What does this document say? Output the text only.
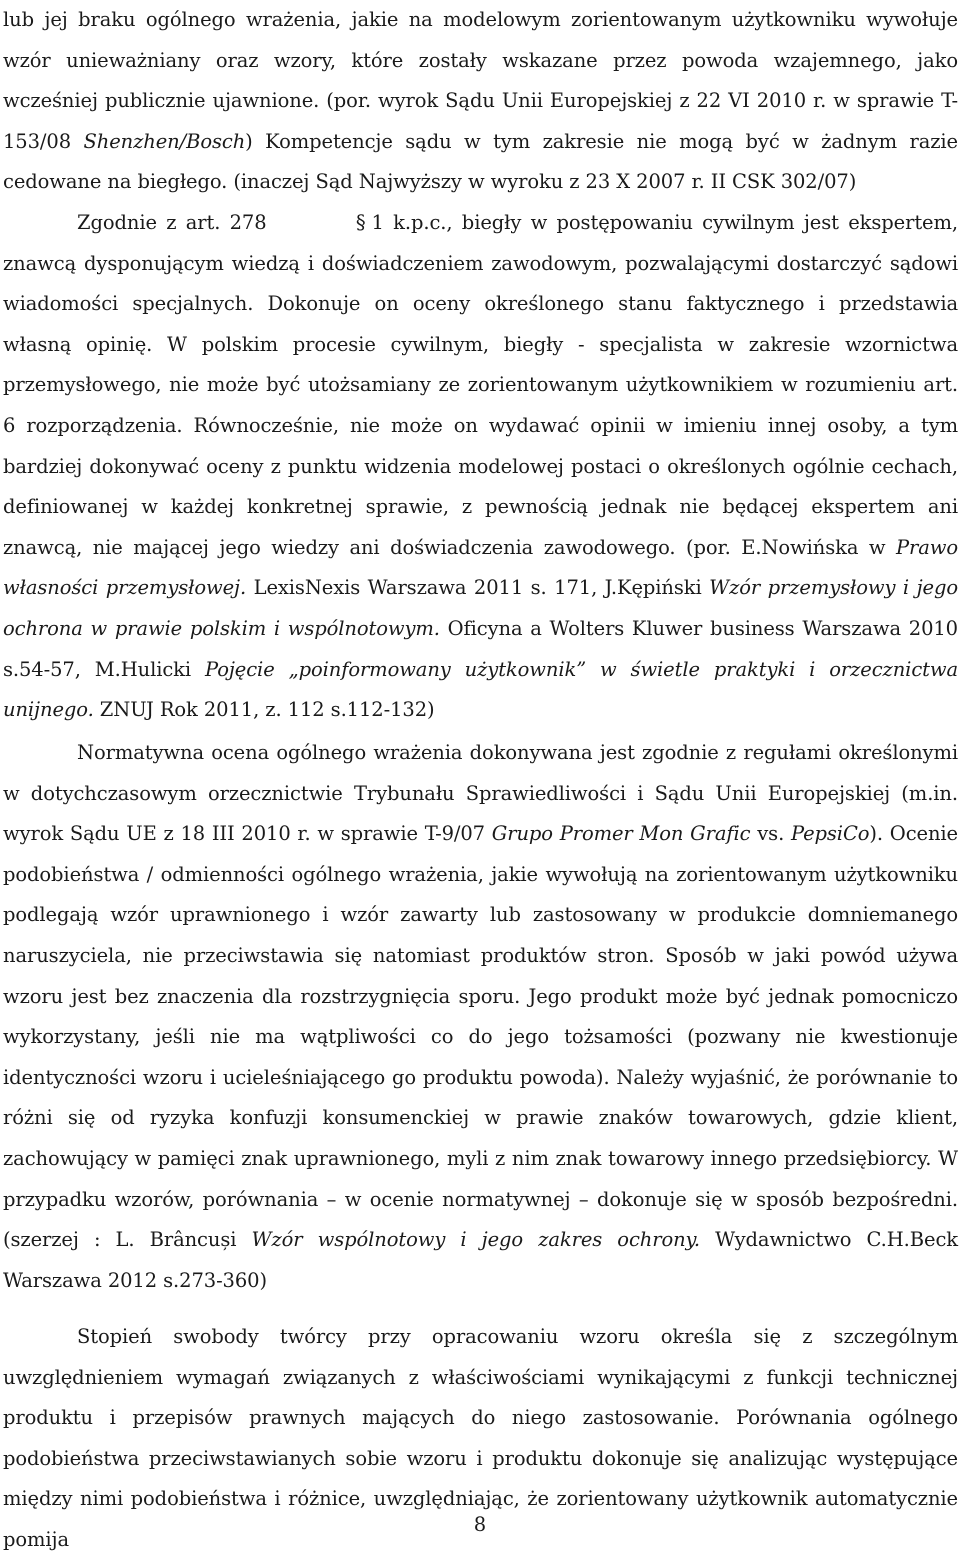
lub jej braku ogólnego wrażenia, jakie na modelowym zorientowanym użytkowniku wywołuje wzór unieważniany oraz wzory, które zostały wskazane przez powoda wzajemnego, jako wcześniej publicznie ujawnione. (por. wyrok Sądu Unii Europejskiej z 22 VI 2010 r. w sprawie T-153/08 Shenzhen/Bosch) Kompetencje sądu w tym zakresie nie mogą być w żadnym razie cedowane na biegłego. (inaczej Sąd Najwyższy w wyroku z 23 X 2007 r. II CSK 302/07)

Zgodnie z art. 278	§ 1 k.p.c., biegły w postępowaniu cywilnym jest ekspertem, znawcą dysponującym wiedzą i doświadczeniem zawodowym, pozwalającymi dostarczyć sądowi wiadomości specjalnych. Dokonuje on oceny określonego stanu faktycznego i przedstawia własną opinię. W polskim procesie cywilnym, biegły - specjalista w zakresie wzornictwa przemysłowego, nie może być utożsamiany ze zorientowanym użytkownikiem w rozumieniu art. 6 rozporządzenia. Równocześnie, nie może on wydawać opinii w imieniu innej osoby, a tym bardziej dokonywać oceny z punktu widzenia modelowej postaci o określonych ogólnie cechach, definiowanej w każdej konkretnej sprawie, z pewnością jednak nie będącej ekspertem ani znawcą, nie mającej jego wiedzy ani doświadczenia zawodowego. (por. E.Nowińska w Prawo własności przemysłowej. LexisNexis Warszawa 2011 s. 171, J.Kępiński Wzór przemysłowy i jego ochrona w prawie polskim i wspólnotowym. Oficyna a Wolters Kluwer business Warszawa 2010 s.54-57, M.Hulicki Pojęcie „poinformowany użytkownik” w świetle praktyki i orzecznictwa unijnego. ZNUJ Rok 2011, z. 112 s.112-132)

Normatywna ocena ogólnego wrażenia dokonywana jest zgodnie z regułami określonymi w dotychczasowym orzecznictwie Trybunału Sprawiedliwości i Sądu Unii Europejskiej (m.in. wyrok Sądu UE z 18 III 2010 r. w sprawie T-9/07 Grupo Promer Mon Grafic vs. PepsiCo). Ocenie podobieństwa / odmienności ogólnego wrażenia, jakie wywołują na zorientowanym użytkowniku podlegają wzór uprawnionego i wzór zawarty lub zastosowany w produkcie domniemanego naruszyciela, nie przeciwstawia się natomiast produktów stron. Sposób w jaki powód używa wzoru jest bez znaczenia dla rozstrzygnięcia sporu. Jego produkt może być jednak pomocniczo wykorzystany, jeśli nie ma wątpliwości co do jego tożsamości (pozwany nie kwestionuje identyczności wzoru i ucieleśniającego go produktu powoda). Należy wyjaśnić, że porównanie to różni się od ryzyka konfuzji konsumenckiej w prawie znaków towarowych, gdzie klient, zachowujący w pamięci znak uprawnionego, myli z nim znak towarowy innego przedsiębiorcy. W przypadku wzorów, porównania – w ocenie normatywnej – dokonuje się w sposób bezpośredni. (szerzej : L. Brâncuși Wzór wspólnotowy i jego zakres ochrony. Wydawnictwo C.H.Beck Warszawa 2012 s.273-360)

Stopień swobody twórcy przy opracowaniu wzoru określa się z szczególnym uwzględnieniem wymagań związanych z właściwościami wynikającymi z funkcji technicznej produktu i przepisów prawnych mających do niego zastosowanie. Porównania ogólnego podobieństwa przeciwstawianych sobie wzoru i produktu dokonuje się analizując występujące między nimi podobieństwa i różnice, uwzględniając, że zorientowany użytkownik automatycznie pomija

8
